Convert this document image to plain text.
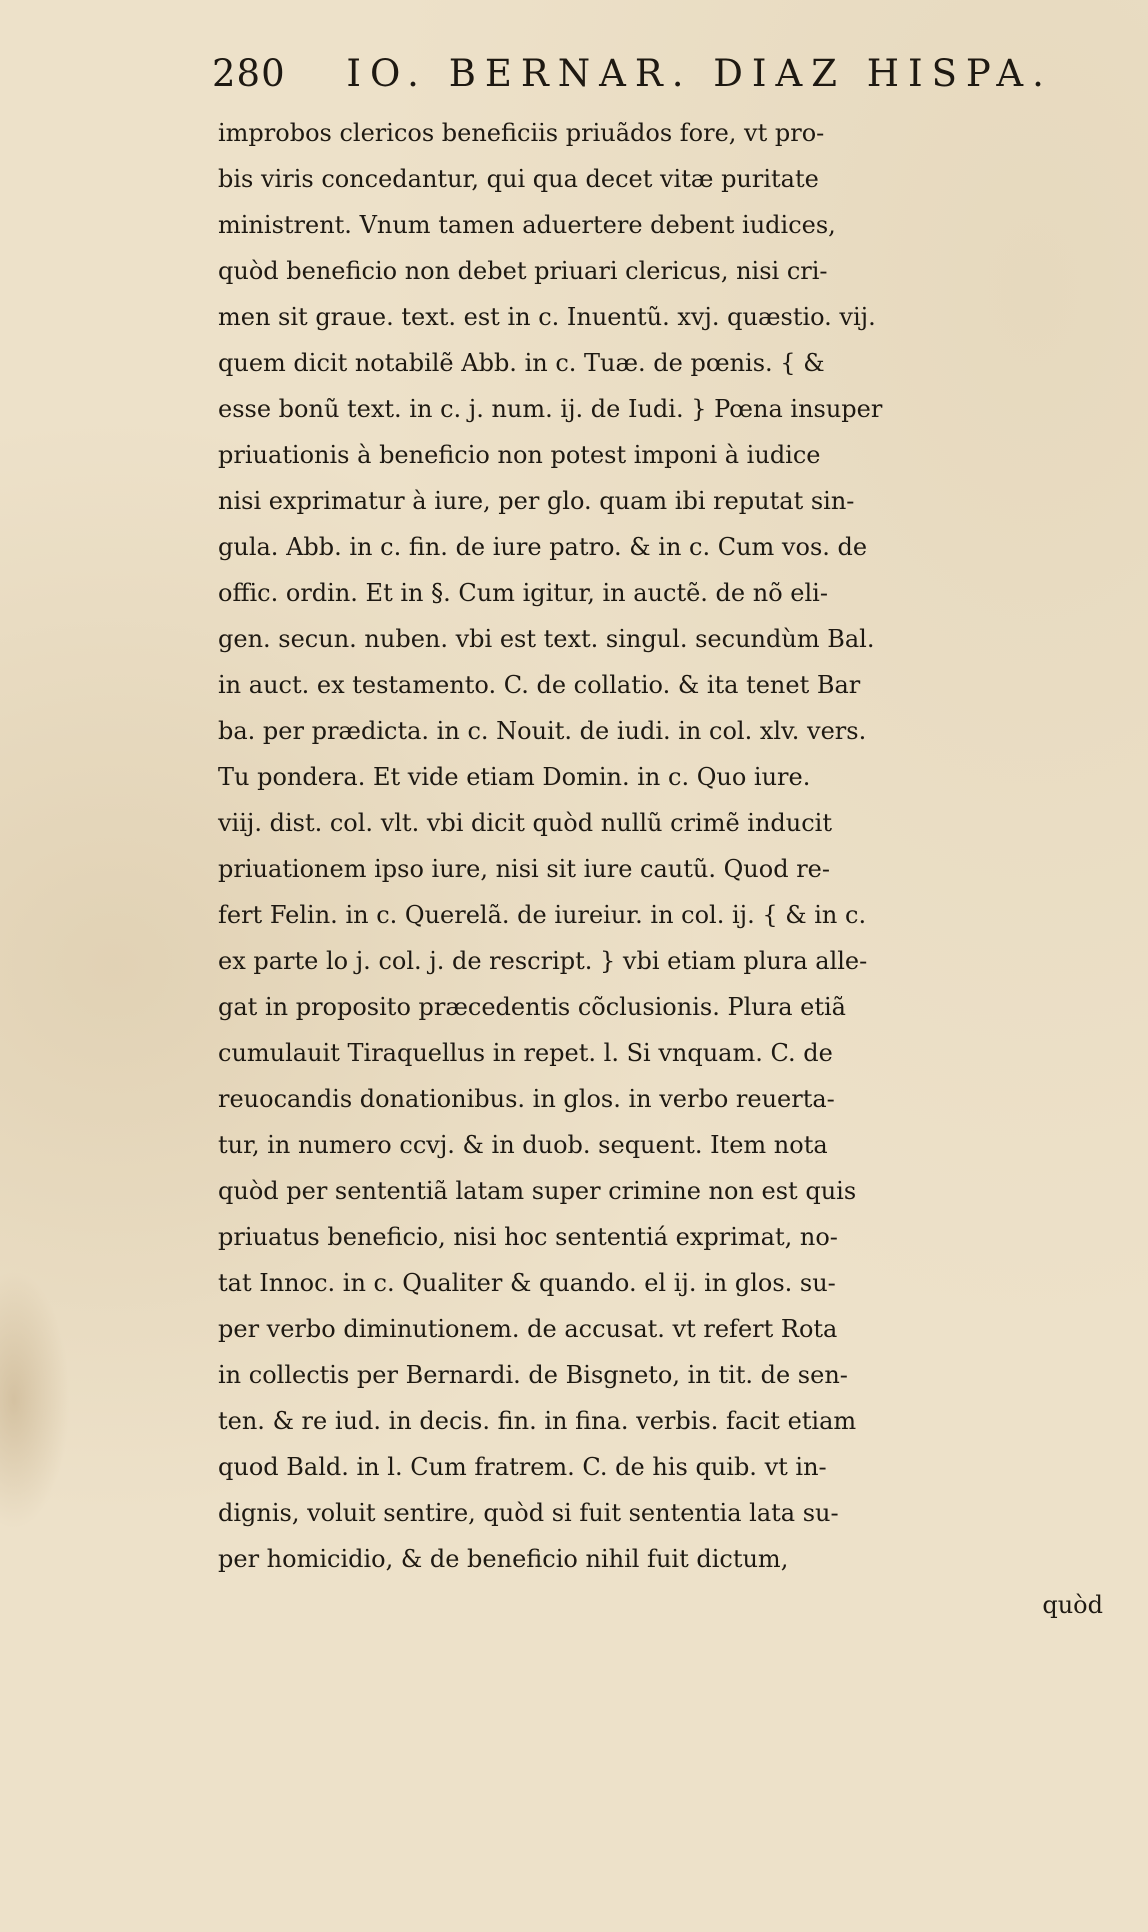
280 IO. BERNAR. DIAZ HISPA.
improbos clericos beneficiis priuãdos fore, vt pro-
bis viris concedantur, qui qua decet vitæ puritate
ministrent. Vnum tamen aduertere debent iudices,
quòd beneficio non debet priuari clericus, nisi cri-
men sit graue. text. est in c. Inuentũ. xvj. quæstio. vij.
quem dicit notabilẽ Abb. in c. Tuæ. de pœnis. { &
esse bonũ text. in c. j. num. ij. de Iudi. } Pœna insuper
priuationis à beneficio non potest imponi à iudice
nisi exprimatur à iure, per glo. quam ibi reputat sin-
gula. Abb. in c. fin. de iure patro. & in c. Cum vos. de
offic. ordin. Et in §. Cum igitur, in auctẽ. de nõ eli-
gen. secun. nuben. vbi est text. singul. secundùm Bal.
in auct. ex testamento. C. de collatio. & ita tenet Bar
ba. per prædicta. in c. Nouit. de iudi. in col. xlv. vers.
Tu pondera. Et vide etiam Domin. in c. Quo iure.
viij. dist. col. vlt. vbi dicit quòd nullũ crimẽ inducit
priuationem ipso iure, nisi sit iure cautũ. Quod re-
fert Felin. in c. Querelã. de iureiur. in col. ij. { & in c.
ex parte lo j. col. j. de rescript. } vbi etiam plura alle-
gat in proposito præcedentis cõclusionis. Plura etiã
cumulauit Tiraquellus in repet. l. Si vnquam. C. de
reuocandis donationibus. in glos. in verbo reuerta-
tur, in numero ccvj. & in duob. sequent. Item nota
quòd per sententiã latam super crimine non est quis
priuatus beneficio, nisi hoc sententiá exprimat, no-
tat Innoc. in c. Qualiter & quando. el ij. in glos. su-
per verbo diminutionem. de accusat. vt refert Rota
in collectis per Bernardi. de Bisgneto, in tit. de sen-
ten. & re iud. in decis. fin. in fina. verbis. facit etiam
quod Bald. in l. Cum fratrem. C. de his quib. vt in-
dignis, voluit sentire, quòd si fuit sententia lata su-
per homicidio, & de beneficio nihil fuit dictum,
quòd
